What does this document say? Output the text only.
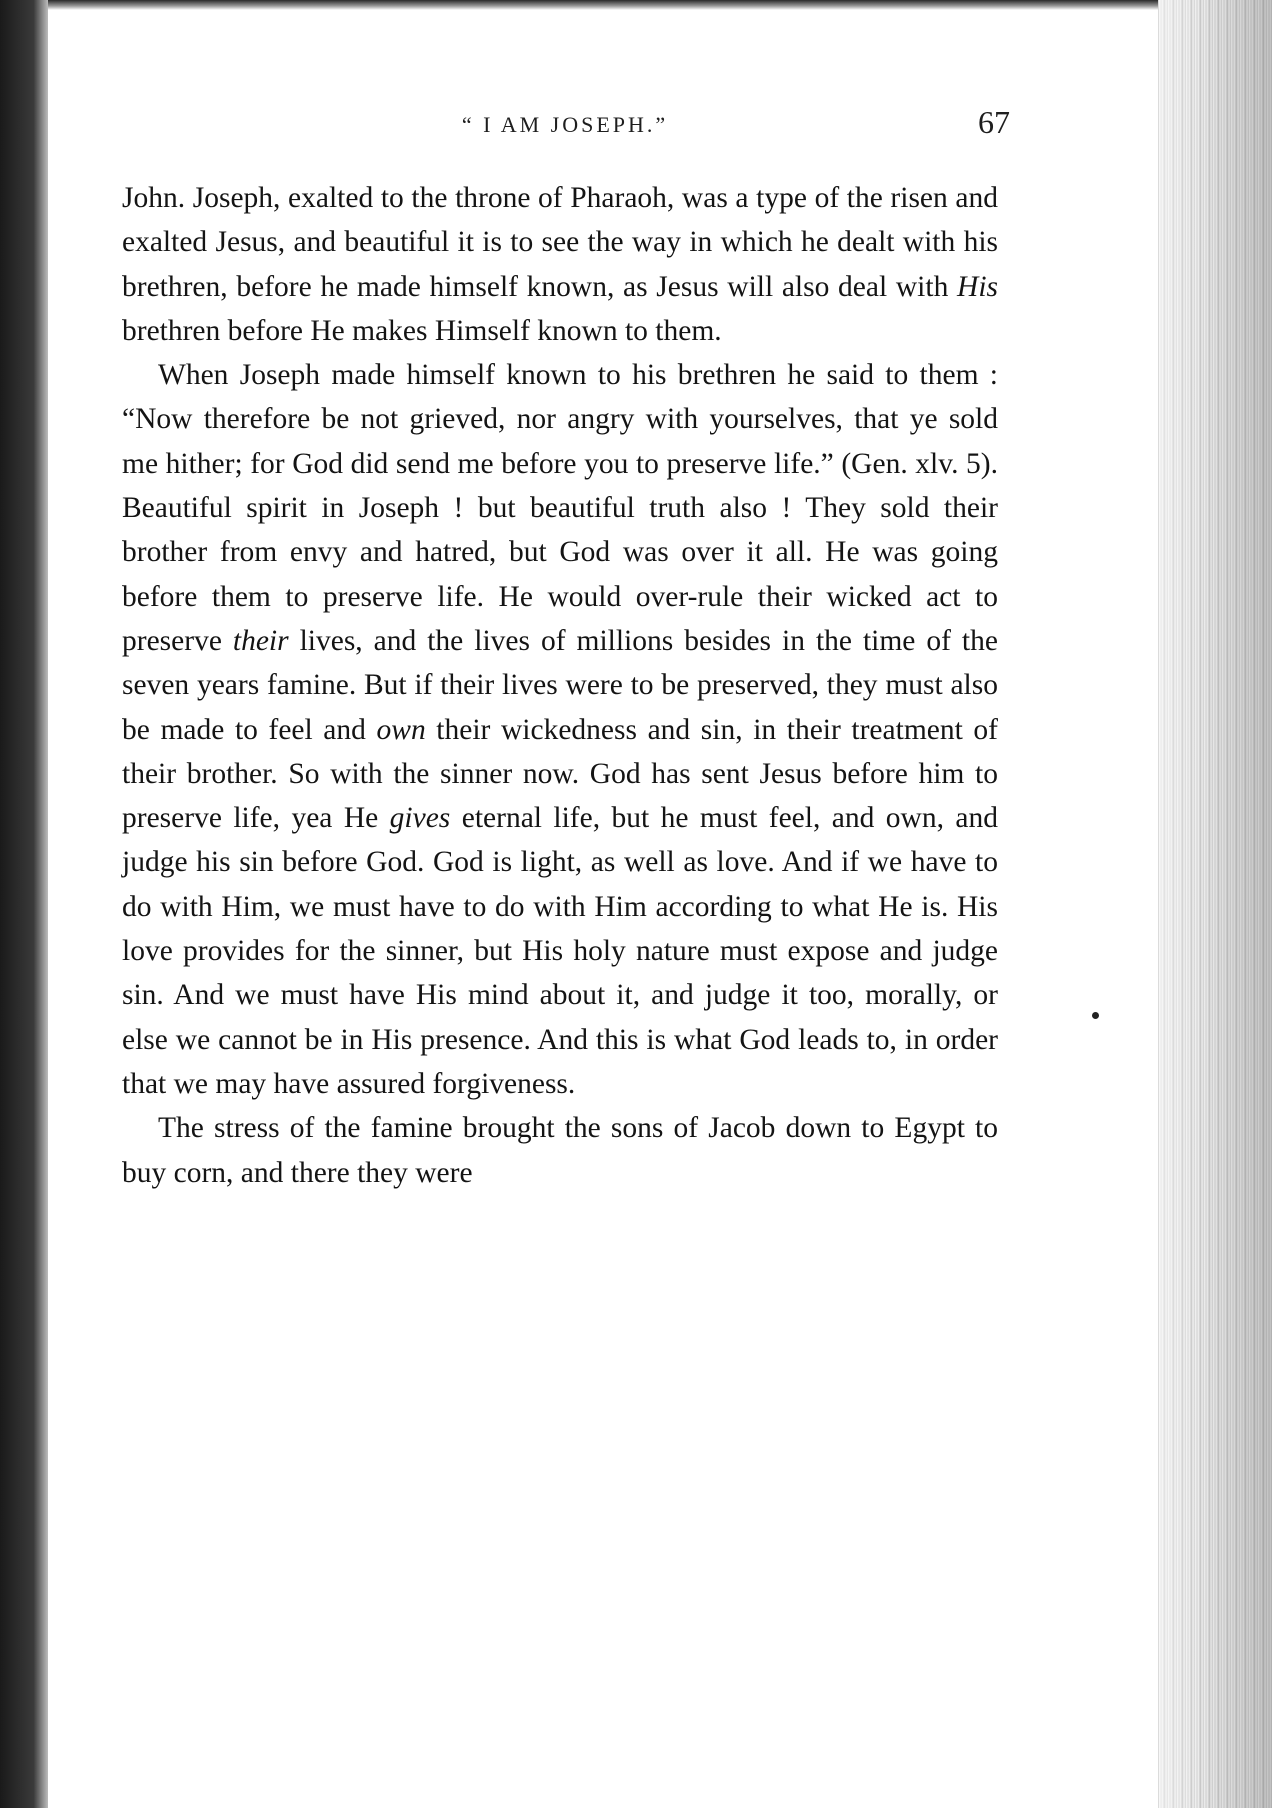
“ I AM JOSEPH.”	67

John. Joseph, exalted to the throne of Pharaoh, was a type of the risen and exalted Jesus, and beautiful it is to see the way in which he dealt with his brethren, before he made himself known, as Jesus will also deal with His brethren before He makes Himself known to them.

When Joseph made himself known to his brethren he said to them : “Now therefore be not grieved, nor angry with yourselves, that ye sold me hither; for God did send me before you to preserve life.” (Gen. xlv. 5). Beautiful spirit in Joseph ! but beautiful truth also ! They sold their brother from envy and hatred, but God was over it all. He was going before them to preserve life. He would over-rule their wicked act to preserve their lives, and the lives of millions besides in the time of the seven years famine. But if their lives were to be preserved, they must also be made to feel and own their wickedness and sin, in their treatment of their brother. So with the sinner now. God has sent Jesus before him to preserve life, yea He gives eternal life, but he must feel, and own, and judge his sin before God. God is light, as well as love. And if we have to do with Him, we must have to do with Him according to what He is. His love provides for the sinner, but His holy nature must expose and judge sin. And we must have His mind about it, and judge it too, morally, or else we cannot be in His presence. And this is what God leads to, in order that we may have assured forgiveness.

The stress of the famine brought the sons of Jacob down to Egypt to buy corn, and there they were
